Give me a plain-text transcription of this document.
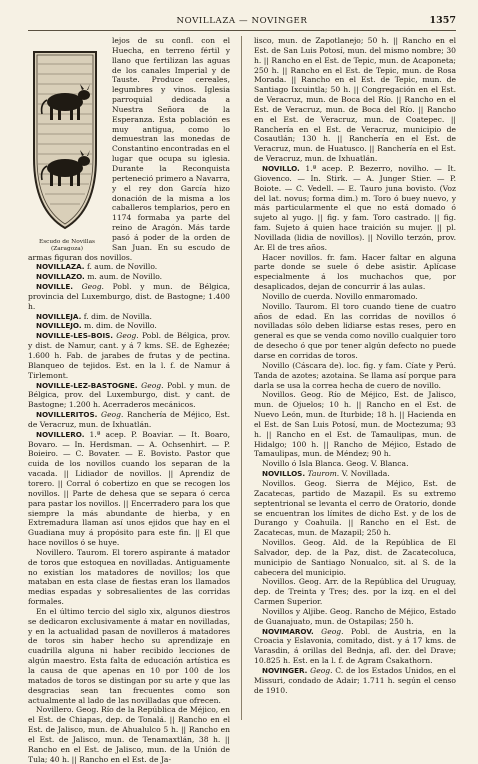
NOVILLAZA — NOVINGER	1357
Escudo de Novillas
(Zaragoza)

lejos de su confl. con el Huecha, en terreno fértil y llano que fertilizan las aguas de los canales Imperial y de Tauste. Produce cereales, legumbres y vinos. Iglesia parroquial dedicada a Nuestra Señora de la Esperanza. Esta población es muy antigua, como lo demuestran las monedas de Constantino encontradas en el lugar que ocupa su iglesia. Durante la Reconquista perteneció primero a Navarra, y el rey don García hizo donación de la misma a los caballeros templarios, pero en 1174 formaba ya parte del reino de Aragón. Más tarde pasó á poder de la orden de San Juan. En su escudo de armas figuran dos novillos.

NOVILLAZA. f. aum. de Novillo.

NOVILLAZO. m. aum. de Novillo.

NOVILLE. Geog. Pobl. y mun. de Bélgica, provincia del Luxemburgo, dist. de Bastogne; 1.400 h.

NOVILLEJA. f. dim. de Novilla.

NOVILLEJO. m. dim. de Novillo.

NOVILLE-LES-BOIS. Geog. Pobl. de Bélgica, prov. y dist. de Namur, cant. y á 7 kms. SE. de Eghezée; 1.600 h. Fab. de jarabes de frutas y de pectina. Blanqueo de tejidos. Est. en la l. f. de Namur á Tirlemont.

NOVILLE-LEZ-BASTOGNE. Geog. Pobl. y mun. de Bélgica, prov. del Luxemburgo, dist. y cant. de Bastogne; 1.200 h. Acerraderos mecánicos.

NOVILLERITOS. Geog. Ranchería de Méjico, Est. de Veracruz, mun. de Ixhuatlán.

NOVILLERO. 1.ª acep. P. Boaviar. — It. Boaro, Bovaro. — In. Herdsman. — A. Ochsenhirt. — P. Boieiro. — C. Bovater. — E. Bovisto. Pastor que cuida de los novillos cuando los separan de la vacada. || Lidiador de novillos. || Aprendiz de torero. || Corral ó cobertizo en que se recogen los novillos. || Parte de dehesa que se separa ó cerca para pastar los novillos. || Encerradero para los que siempre la más abundante de hierba, y en Extremadura llaman así unos ejidos que hay en el Guadiana muy á propósito para este fin. || El que hace novillos ó se huye.

Novillero. Taurom. El torero aspirante á matador de toros que estoquea en novilladas. Antiguamente no existían los matadores de novillos; los que mataban en esta clase de fiestas eran los llamados medias espadas y sobresalientes de las corridas formales.

En el último tercio del siglo xix, algunos diestros se dedicaron exclusivamente á matar en novilladas, y en la actualidad pasan de novilleros á matadores de toros sin haber hecho su aprendizaje en cuadrilla alguna ni haber recibido lecciones de algún maestro. Esta falta de educación artística es la causa de que apenas en 10 por 100 de los matados de toros se distingan por su arte y que las desgracias sean tan frecuentes como son actualmente al lado de las novilladas que ofrecen.

Novillero. Geog. Río de la República de Méjico, en el Est. de Chiapas, dep. de Tonalá. || Rancho en el Est. de Jalisco, mun. de Ahualulco 5 h. || Rancho en el Est. de Jalisco, mun. de Tenamaxtlán, 38 h. || Rancho en el Est. de Jalisco, mun. de la Unión de Tula; 40 h. || Rancho en el Est. de Ja-

lisco, mun. de Zapotlanejo; 50 h. || Rancho en el Est. de San Luis Potosí, mun. del mismo nombre; 30 h. || Rancho en el Est. de Tepic, mun. de Acaponeta; 250 h. || Rancho en el Est. de Tepic, mun. de Rosa Morada. || Rancho en el Est. de Tepic, mun. de Santiago Ixcuintla; 50 h. || Congregación en el Est. de Veracruz, mun. de Boca del Río. || Rancho en el Est. de Veracruz, mun. de Boca del Río. || Rancho en el Est. de Veracruz, mun. de Coatepec. || Ranchería en el Est. de Veracruz, municipio de Cosautlán; 130 h. || Ranchería en el Est. de Veracruz, mun. de Huatusco. || Ranchería en el Est. de Veracruz, mun. de Ixhuatlán.

NOVILLO. 1.ª acep. P. Bezerro, novilho. — It. Giovenco. — In. Stirk. — A. Junger Stier. — P. Boiote. — C. Vedell. — E. Tauro juna bovisto. (Voz del lat. novus; forma dim.) m. Toro ó buey nuevo, y más particularmente el que no está domado ó sujeto al yugo. || fig. y fam. Toro castrado. || fig. fam. Sujeto á quien hace traición su mujer. || pl. Novillada (lidia de novillos). || Novillo terzón, prov. Ar. El de tres años.

Hacer novillos. fr. fam. Hacer faltar en alguna parte donde se suele ó debe asistir. Aplícase especialmente á los muchachos que, por desaplicados, dejan de concurrir á las aulas.

Novillo de cuerda. Novillo enmaromado.

Novillo. Taurom. El toro cuando tiene de cuatro años de edad. En las corridas de novillos ó novilladas sólo deben lidiarse estas reses, pero en general es que se venda como novillo cualquier toro de desecho ó que por tener algún defecto no puede darse en corridas de toros.

Novillo (Cáscara de). loc. fig. y fam. Cíate y Perú. Tanda de azotes; azotaina. Se llama así porque para darla se usa la correa hecha de cuero de novillo.

Novillos. Geog. Río de Méjico, Est. de Jalisco, mun. de Ojuelos; 10 h. || Rancho en el Est. de Nuevo León, mun. de Iturbide; 18 h. || Hacienda en el Est. de San Luis Potosí, mun. de Moctezuma; 93 h. || Rancho en el Est. de Tamaulipas, mun. de Hidalgo; 100 h. || Rancho de Méjico, Estado de Tamaulipas, mun. de Méndez; 90 h.

Novillo ó Isla Blanca. Geog. V. Blanca.

NOVILLOS. Taurom. V. Novillada.

Novillos. Geog. Sierra de Méjico, Est. de Zacatecas, partido de Mazapil. Es su extremo septentrional se levanta el cerro de Oratorio, donde se encuentran los límites de dicho Est. y de los de Durango y Coahuila. || Rancho en el Est. de Zacatecas, mun. de Mazapil; 250 h.

Novillos. Geog. Ald. de la República de El Salvador, dep. de la Paz, dist. de Zacatecoluca, municipio de Santiago Nonualco, sit. al S. de la cabecera del municipio.

Novillos. Geog. Arr. de la República del Uruguay, dep. de Treinta y Tres; des. por la izq. en el del Carmen Superior.

Novillos y Aljibe. Geog. Rancho de Méjico, Estado de Guanajuato, mun. de Ostapilas; 250 h.

NOVIMAROV. Geog. Pobl. de Austria, en la Croacia y Eslavonia, comitado, dist. y á 17 kms. de Varasdin, á orillas del Bednja, afl. der. del Drave; 10.825 h. Est. en la l. f. de Agram Csakathorn.

NOVINGER. Geog. C. de los Estados Unidos, en el Missuri, condado de Adair; 1.711 h. según el censo de 1910.
